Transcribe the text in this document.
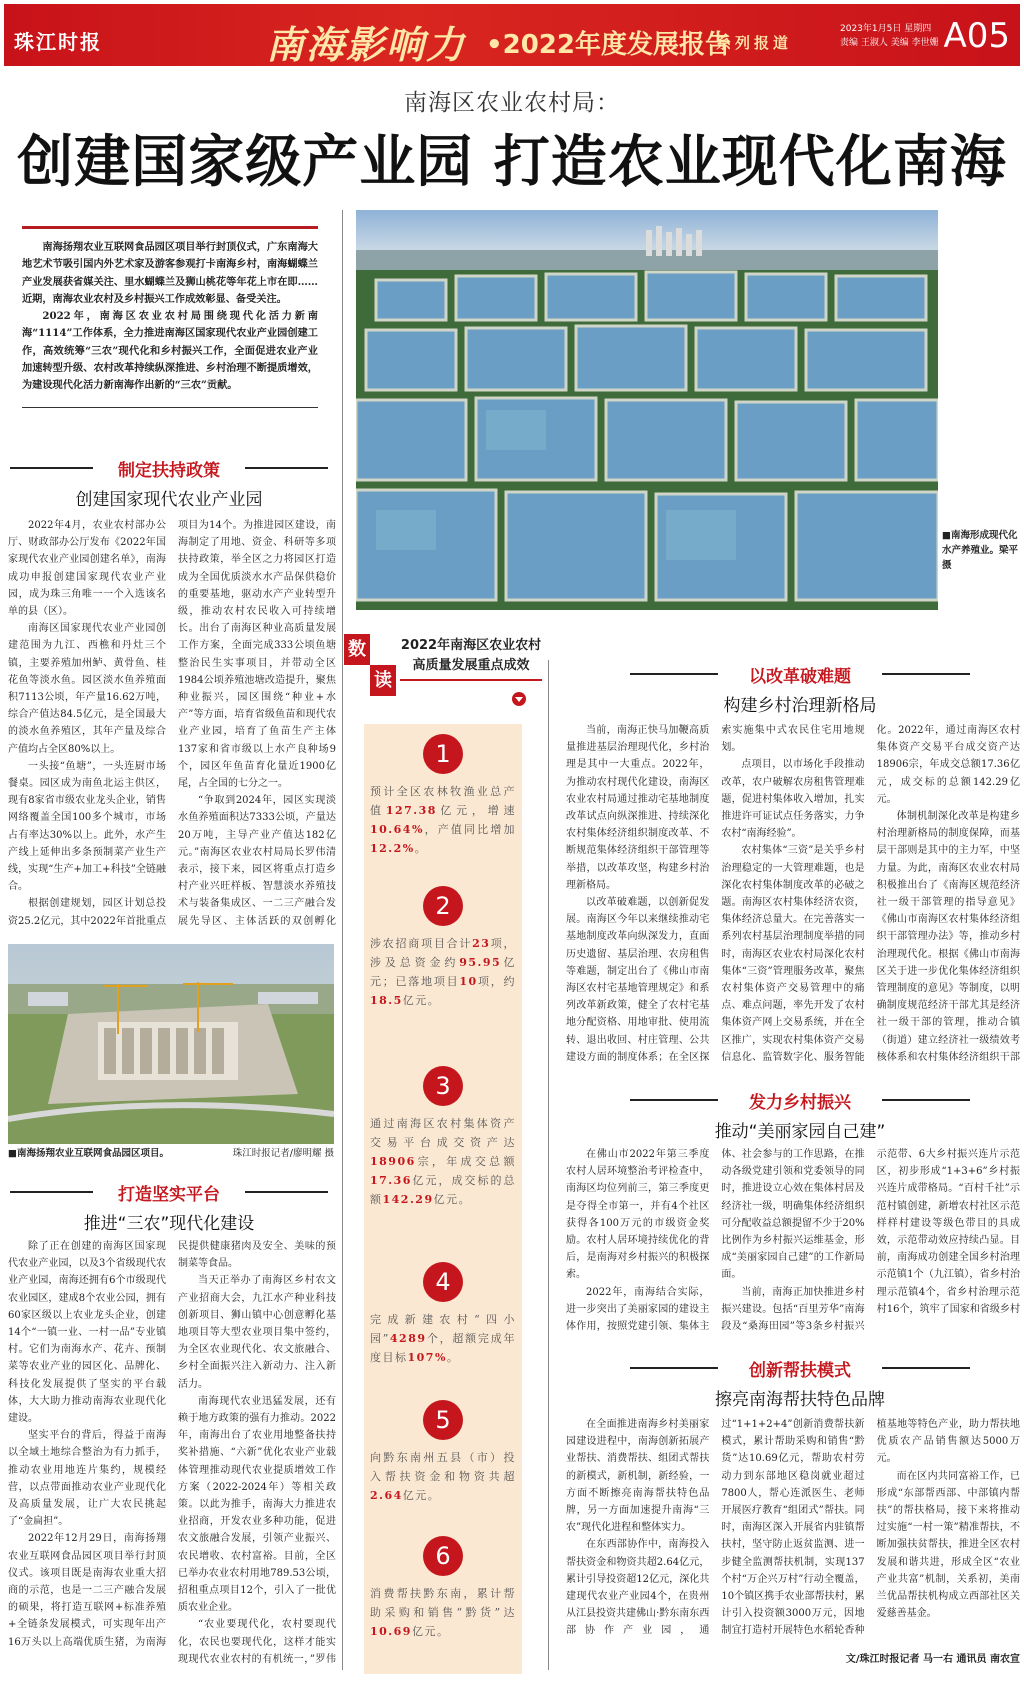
珠江时报	南海影响力 •2022年度发展报告
系列报道
2023年1月5日 星期四
责编 王淑人 美编 李世姗 A05
南海区农业农村局：
创建国家级产业园 打造农业现代化南海

南海扬翔农业互联网食品园区项目举行封顶仪式，广东南海大地艺术节吸引国内外艺术家及游客参观打卡南海乡村，南海蝴蝶兰产业发展获省媒关注、里水蝴蝶兰及狮山桃花等年花上市在即……近期，南海农业农村及乡村振兴工作成效彰显、备受关注。

2022年，南海区农业农村局围绕现代化活力新南海“1114”工作体系，全力推进南海区国家现代农业产业园创建工作，高效统筹“三农”现代化和乡村振兴工作，全面促进农业产业加速转型升级、农村改革持续纵深推进、乡村治理不断提质增效，为建设现代化活力新南海作出新的“三农”贡献。

制定扶持政策
创建国家现代农业产业园

2022年4月，农业农村部办公厅、财政部办公厅发布《2022年国家现代农业产业园创建名单》，南海成功申报创建国家现代农业产业园，成为珠三角唯一一个入选该名单的县（区）。

南海区国家现代农业产业园创建范围为九江、西樵和丹灶三个镇，主要养殖加州鲈、黄骨鱼、桂花鱼等淡水鱼。园区淡水鱼养殖面积7113公顷，年产量16.62万吨，综合产值达84.5亿元，是全国最大的淡水鱼养殖区，其年产量及综合产值均占全区80%以上。

一头接“鱼塘”，一头连厨市场餐桌。园区成为南鱼北运主供区，现有8家省市级农业龙头企业，销售网络覆盖全国100多个城市，市场占有率达30%以上。此外，水产生产线上延伸出多条预制菜产业生产线，实现“生产+加工+科技”全链融合。

根据创建规划，园区计划总投资25.2亿元，其中2022年首批重点项目为14个。为推进园区建设，南海制定了用地、资金、科研等多项扶持政策，举全区之力将园区打造成为全国优质淡水水产品保供稳价的重要基地，驱动水产产业转型升级，推动农村农民收入可持续增长。出台了南海区种业高质量发展工作方案，全面完成333公顷鱼塘整治民生实事项目，并带动全区1984公顷养殖池塘改造提升，聚焦种业振兴，园区围绕“种业+水产”等方面，培育省级鱼苗和现代农业产业园，培育了鱼苗生产主体137家和省市级以上水产良种场9个，园区年鱼苗育化量近1900亿尾，占全国的七分之一。

“争取到2024年，园区实现淡水鱼养殖面积达7333公顷，产量达20万吨，主导产业产值达182亿元。”南海区农业农村局局长罗伟清表示，接下来，园区将重点打造乡村产业兴旺样板、智慧淡水养殖技术与装备集成区、一二三产融合发展先导区、主体活跃的双创孵化

■南海扬翔农业互联网食品园区项目。	珠江时报记者/廖明耀 摄
打造坚实平台
推进“三农”现代化建设

除了正在创建的南海区国家现代农业产业园，以及3个省级现代农业产业园，南海还拥有6个市级现代农业园区，建成8个农业公园，拥有60家区级以上农业龙头企业，创建14个“一镇一业、一村一品”专业镇村。它们为南海水产、花卉、预制菜等农业产业的园区化、品牌化、科技化发展提供了坚实的平台载体，大大助力推动南海农业现代化建设。

坚实平台的背后，得益于南海以全域土地综合整治为有力抓手，推动农业用地连片集约，规模经营，以点带面推动农业产业现代化及高质量发展，让广大农民挑起了“金扁担”。

2022年12月29日，南海扬翔农业互联网食品园区项目举行封顶仪式。该项目既是南海农业重大招商的示范，也是一二三产融合发展的硕果，将打造互联网+标准养殖+全链条发展模式，可实现年出产16万头以上高端优质生猪，为南海民提供健康猪肉及安全、美味的预制菜等食品。

当天正举办了南海区乡村农文产业招商大会，九江水产种业科技创新项目、狮山镇中心创意孵化基地项目等大型农业项目集中签约，为全区农业现代化、农文旅融合、乡村全面振兴注入新动力、注入新活力。

南海现代农业迅猛发展，还有赖于地方政策的强有力推动。2022年，南海出台了农业用地整备扶持奖补措施、“六新”优化农业产业载体管理推动现代农业提质增效工作方案（2022-2024年）等相关政策。以此为推手，南海大力推进农业招商，开发农业多种功能，促进农文旅融合发展，引领产业振兴、农民增收、农村富裕。目前，全区已举办农业农村用地789.53公顷，招租重点项目12个，引入了一批优质农业企业。

“农业要现代化，农村要现代化，农民也要现代化，这样才能实现现代农业农村的有机统一，”罗伟

■南海形成现代化水产养殖业。梁平 摄
数
读
2022年南海区农业农村高质量发展重点成效
1
预计全区农林牧渔业总产值127.38亿元，增速10.64%，产值同比增加12.2%。
2
涉农招商项目合计23项，涉及总资金约95.95亿元；已落地项目10项，约18.5亿元。
3
通过南海区农村集体资产交易平台成交资产达18906宗，年成交总额17.36亿元，成交标的总额142.29亿元。
4
完成新建农村“四小园”4289个，超额完成年度目标107%。
5
向黔东南州五县（市）投入帮扶资金和物资共超2.64亿元。
6
消费帮扶黔东南，累计帮助采购和销售“黔货”达10.69亿元。
以改革破难题
构建乡村治理新格局

当前，南海正快马加鞭高质量推进基层治理现代化，乡村治理是其中一大重点。2022年，为推动农村现代化建设，南海区农业农村局通过推动宅基地制度改革试点向纵深推进、持续深化农村集体经济组织制度改革、不断规范集体经济组织干部管理等举措，以改革攻坚，构建乡村治理新格局。

以改革破难题，以创新促发展。南海区今年以来继续推动宅基地制度改革向纵深发力，直面历史遗留、基层治理、农房租售等难题，制定出台了《佛山市南海区农村宅基地管理规定》和系列改革新政策，健全了农村宅基地分配资格、用地审批、使用流转、退出收回、村庄管理、公共建设方面的制度体系；在全区探索实施集中式农民住宅用地规划。

点项目，以市场化手段推动改革，农户破解农房租售管理难题，促进村集体收入增加，扎实推进许可证试点任务落实，力争农村“南海经验”。

农村集体“三资”是关乎乡村治理稳定的一大管理难题，也是深化农村集体制度改革的必破之题。南海区农村集体经济农资，集体经济总量大。在完善落实一系列农村基层治理制度举措的同时，南海区农业农村局深化农村集体“三资”管理服务改革，聚焦农村集体资产交易管理中的痛点、难点问题，率先开发了农村集体资产网上交易系统，并在全区推广，实现农村集体资产交易信息化、监管数字化、服务智能化。2022年，通过南海区农村集体资产交易平台成交资产达18906宗，年成交总额17.36亿元，成交标的总额142.29亿元。

体制机制深化改革是构建乡村治理新格局的制度保障，而基层干部则是其中的主力军，中坚力量。为此，南海区农业农村局积极推出台了《南海区规范经济社一级干部管理的指导意见》《佛山市南海区农村集体经济组织干部管理办法》等，推动乡村治理现代化。根据《佛山市南海区关于进一步优化集体经济组织管理制度的意见》等制度，以明确制度规范经济干部尤其是经济社一级干部的管理，推动合镇（街道）建立经济社一级绩效考核体系和农村集体经济组织干部

发力乡村振兴
推动“美丽家园自己建”

在佛山市2022年第三季度农村人居环境整治考评检查中，南海区均位列前三，第三季度更是夺得全市第一，并有4个社区获得各100万元的市级资金奖励。农村人居环境持续优化的背后，是南海对乡村振兴的积极探索。

2022年，南海结合实际，进一步突出了美丽家园的建设主体作用，按照党建引领、集体主体、社会参与的工作思路，在推动各级党建引领和党委领导的同时，推进设立心效在集体村居及经济社一级，明确集体经济组织可分配收益总额提留不少于20%比例作为乡村振兴运维基金，形成“美丽家园自己建”的工作新局面。

当前，南海正加快推进乡村振兴建设。包括“百里芳华”南海段及“桑海田园”等3条乡村振兴示范带、6大乡村振兴连片示范区，初步形成“1+3+6”乡村振兴连片成带格局。“百村千社”示范村镇创建，新增农村社区示范样样村建设等级色带目的具成效，示范带动效应持续凸显。目前，南海成功创建全国乡村治理示范镇1个（九江镇），省乡村治理示范镇4个，省乡村治理示范村16个，筑牢了国家和省级乡村

创新帮扶模式
擦亮南海帮扶特色品牌

在全面推进南海乡村美丽家园建设进程中，南海创新拓展产业帮扶、消费帮扶、组团式帮扶的新模式，新机制，新经验，一方面不断擦亮南海帮扶特色品牌，另一方面加速提升南海“三农”现代化进程和整体实力。

在东西部协作中，南海投入帮扶资金和物资共超2.64亿元，累计引导投资超12亿元，深化共建现代农业产业园4个，在贵州从江县投资共建佛山·黔东南东西部协作产业园，通过“1+1+2+4”创新消费帮扶新模式，累计帮助采购和销售“黔货”达10.69亿元，帮助农村劳动力到东部地区稳岗就业超过7800人，帮心连派医生、老师开展医疗教育“组团式”帮扶。同时，南海区深入开展省内驻镇帮扶村，坚守防止返贫监测、进一步健全监测帮扶机制，实现137个村“万企兴万村”行动全覆盖，10个镇区携手农业部帮扶村，累计引入投资额3000万元，因地制宜打造村开展特色水稻轮香种植基地等特色产业，助力帮扶地优质农产品销售额达5000万元。

而在区内共同富裕工作，已形成“东部帮西部、中部镇内帮扶”的帮扶格局，接下来将推动过实施“一村一策”精准帮扶，不断加强扶贫帮扶，推进全区农村发展和谐共进，形成全区“农业产业共富”机制，关系初，美南兰优品帮扶机构成立西部社区关爱慈善基金。

文/珠江时报记者 马一右 通讯员 南农宣
